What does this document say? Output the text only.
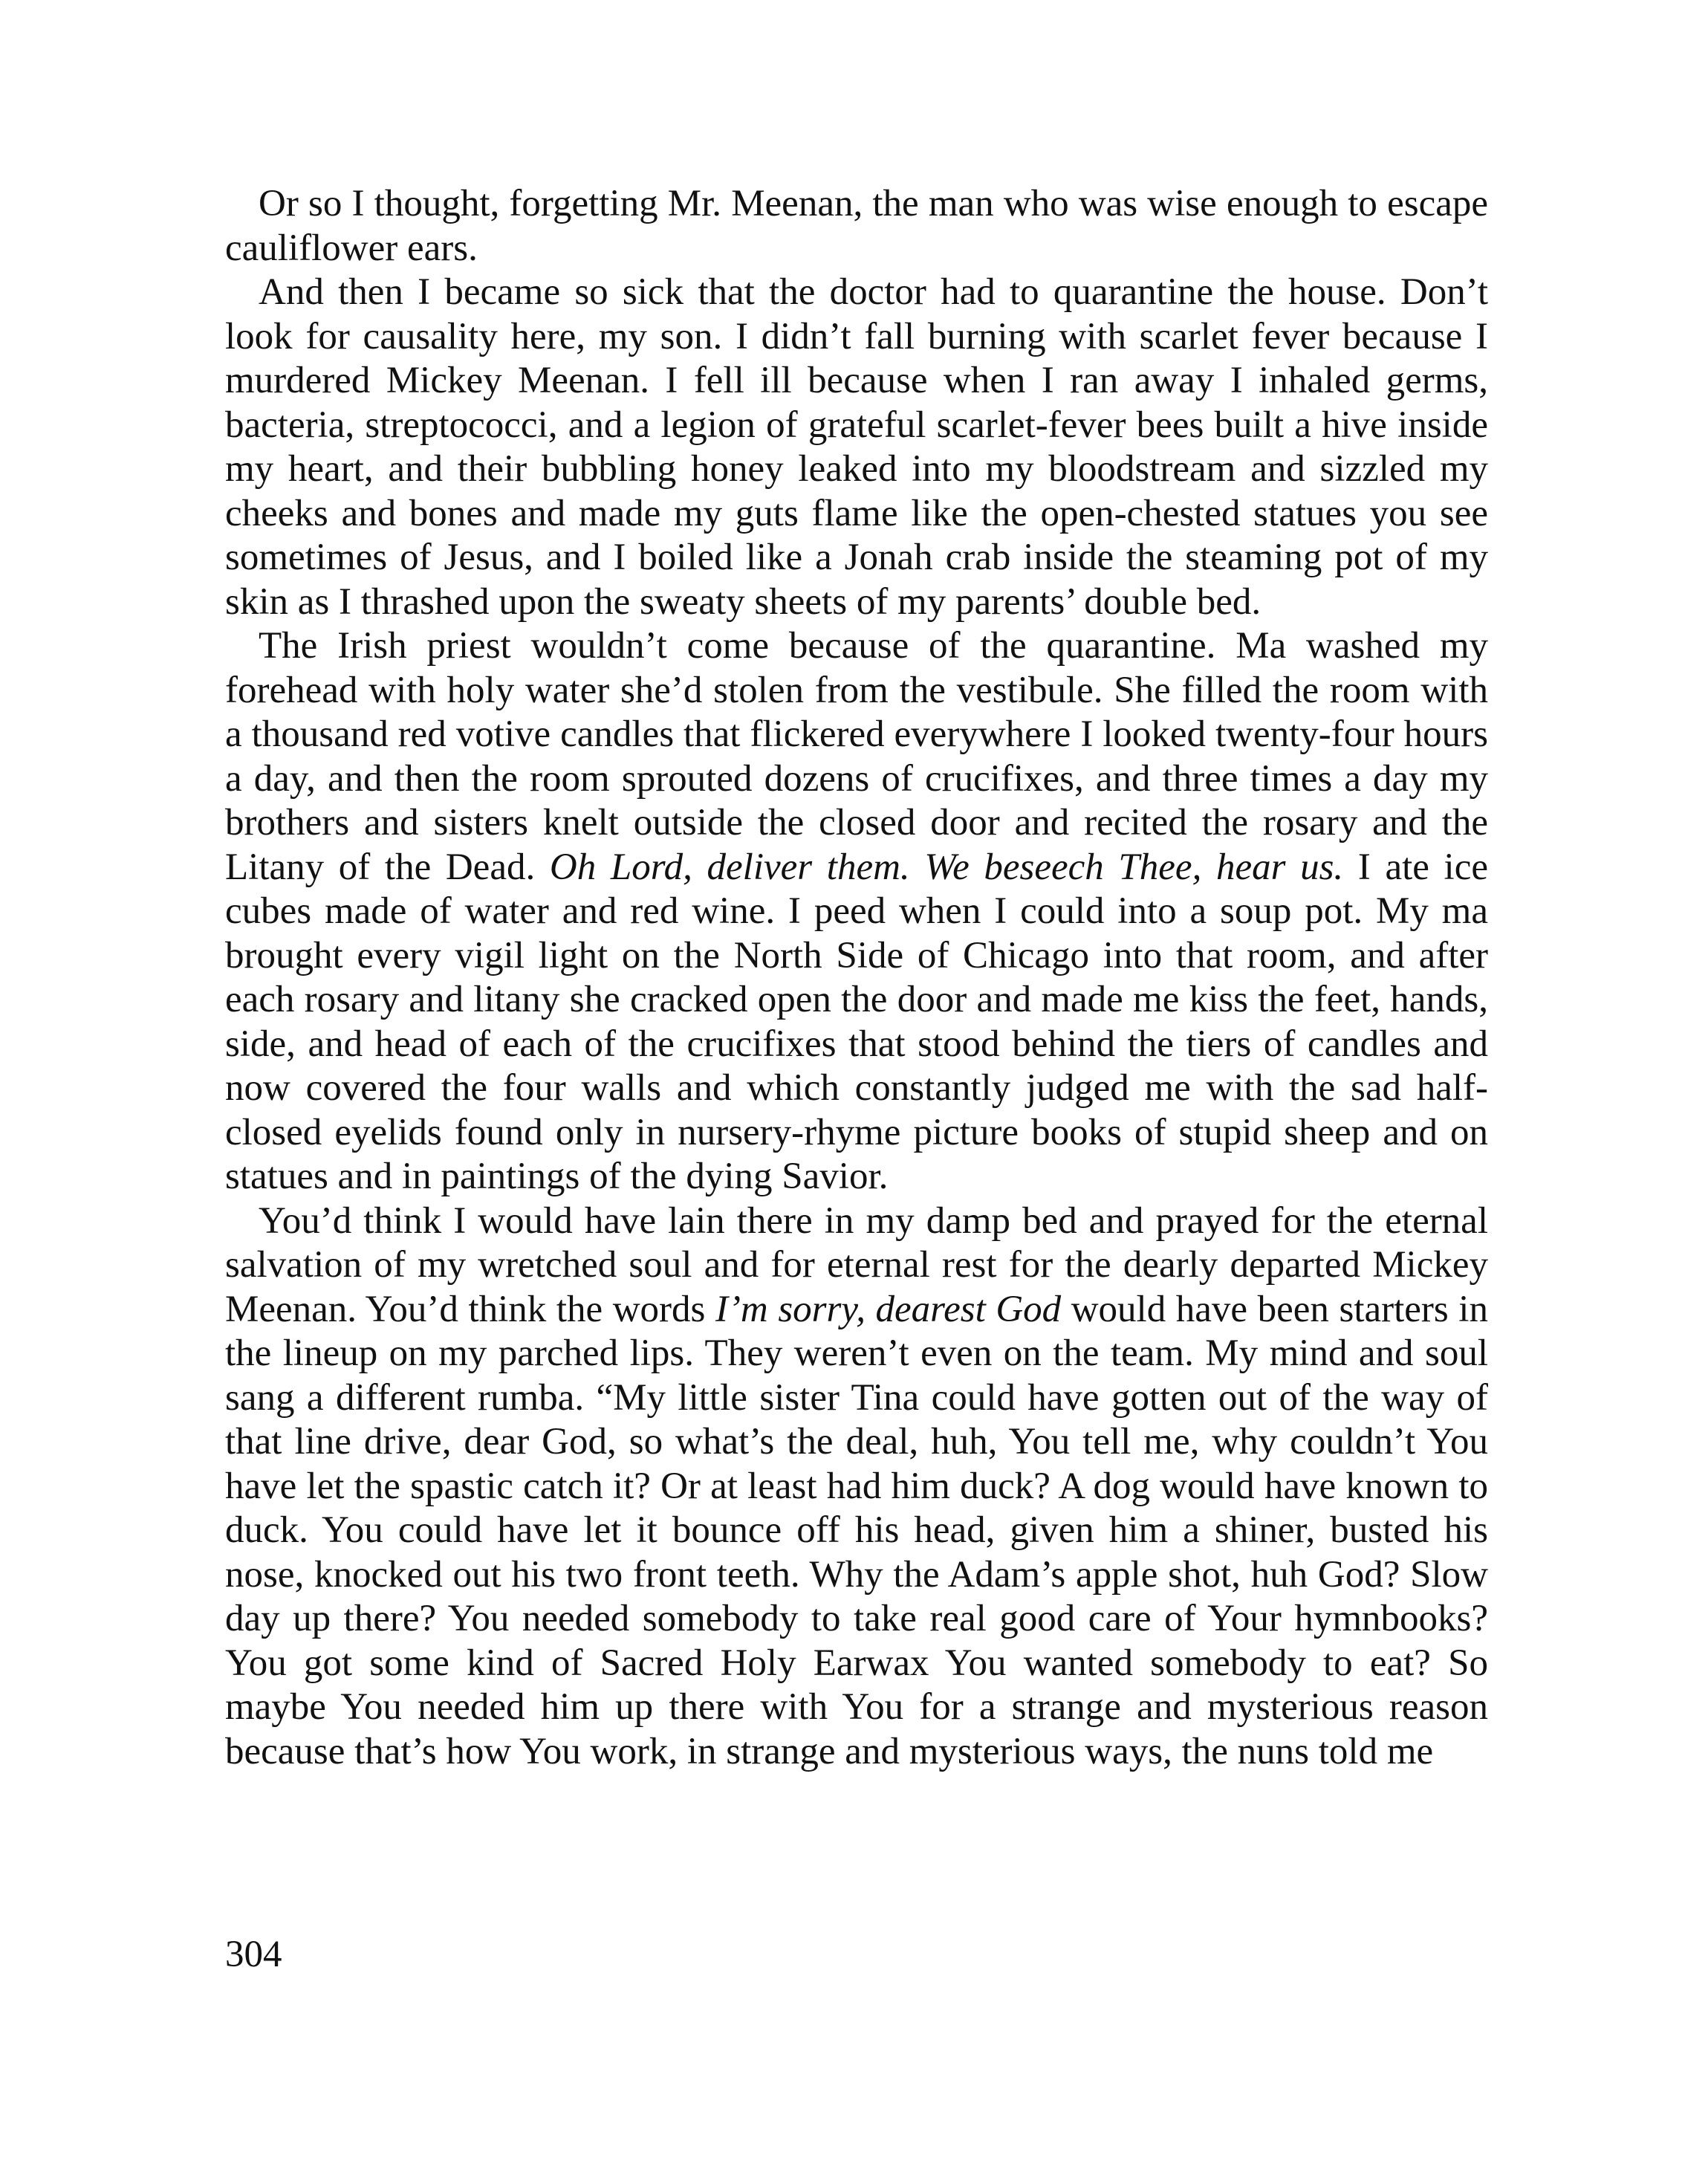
Or so I thought, forgetting Mr. Meenan, the man who was wise enough to escape cauliflower ears.

And then I became so sick that the doctor had to quarantine the house. Don’t look for causality here, my son. I didn’t fall burning with scarlet fever because I murdered Mickey Meenan. I fell ill because when I ran away I inhaled germs, bacteria, streptococci, and a legion of grateful scarlet-fever bees built a hive inside my heart, and their bubbling honey leaked into my bloodstream and sizzled my cheeks and bones and made my guts flame like the open-chested statues you see sometimes of Jesus, and I boiled like a Jonah crab inside the steaming pot of my skin as I thrashed upon the sweaty sheets of my parents’ double bed.

The Irish priest wouldn’t come because of the quarantine. Ma washed my forehead with holy water she’d stolen from the vestibule. She filled the room with a thousand red votive candles that flickered everywhere I looked twenty-four hours a day, and then the room sprouted dozens of crucifixes, and three times a day my brothers and sisters knelt outside the closed door and recited the rosary and the Litany of the Dead. Oh Lord, deliver them. We beseech Thee, hear us. I ate ice cubes made of water and red wine. I peed when I could into a soup pot. My ma brought every vigil light on the North Side of Chicago into that room, and after each rosary and litany she cracked open the door and made me kiss the feet, hands, side, and head of each of the crucifixes that stood behind the tiers of candles and now covered the four walls and which constantly judged me with the sad half-closed eyelids found only in nursery-rhyme picture books of stupid sheep and on statues and in paintings of the dying Savior.

You’d think I would have lain there in my damp bed and prayed for the eternal salvation of my wretched soul and for eternal rest for the dearly departed Mickey Meenan. You’d think the words I’m sorry, dearest God would have been starters in the lineup on my parched lips. They weren’t even on the team. My mind and soul sang a different rumba. “My little sister Tina could have gotten out of the way of that line drive, dear God, so what’s the deal, huh, You tell me, why couldn’t You have let the spastic catch it? Or at least had him duck? A dog would have known to duck. You could have let it bounce off his head, given him a shiner, busted his nose, knocked out his two front teeth. Why the Adam’s apple shot, huh God? Slow day up there? You needed somebody to take real good care of Your hymnbooks? You got some kind of Sacred Holy Earwax You wanted somebody to eat? So maybe You needed him up there with You for a strange and mysterious reason because that’s how You work, in strange and mysterious ways, the nuns told me

304
